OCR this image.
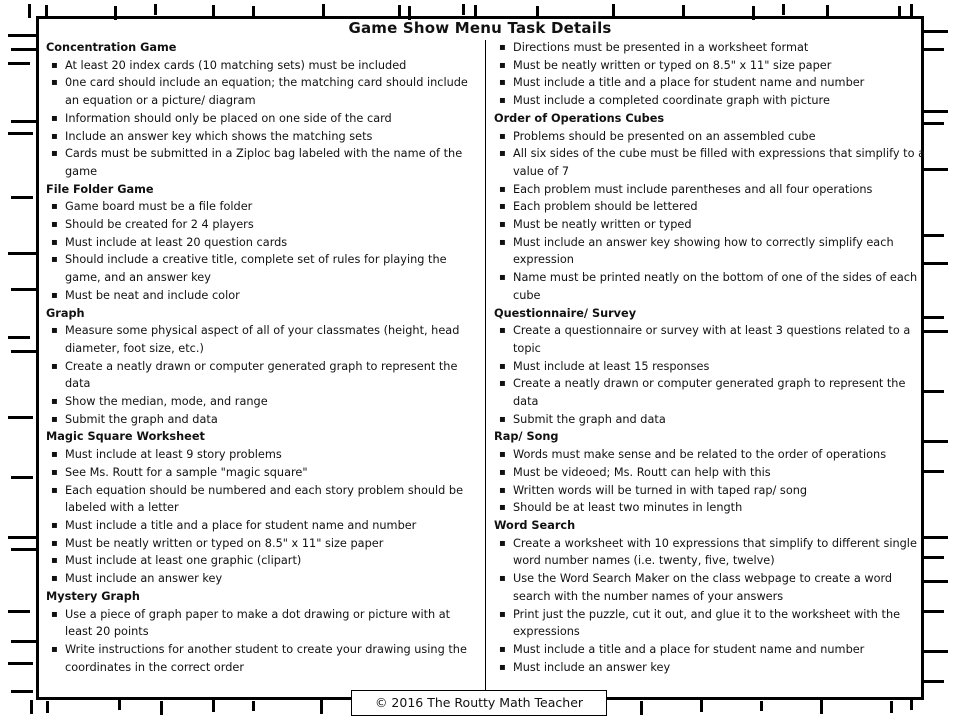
Game Show Menu Task Details
Concentration Game
▪ At least 20 index cards (10 matching sets) must be included
▪ 0ne card should include an equation; the matching card should include an equation or a picture/ diagram
▪ Information should only be placed on one side of the card
▪ Include an answer key which shows the matching sets
▪ Cards must be submitted in a Ziploc bag labeled with the name of the game
File Folder Game
▪ Game board must be a file folder
▪ Should be created for 2 4 players
▪ Must include at least 20 question cards
▪ Should include a creative title, complete set of rules for playing the game, and an answer key
▪ Must be neat and include color
Graph
▪ Measure some physical aspect of all of your classmates (height, head diameter, foot size, etc.)
▪ Create a neatly drawn or computer generated graph to represent the data
▪ Show the median, mode, and range
▪ Submit the graph and data
Magic Square Worksheet
▪ Must include at least 9 story problems
▪ See Ms. Routt for a sample "magic square"
▪ Each equation should be numbered and each story problem should be labeled with a letter
▪ Must include a title and a place for student name and number
▪ Must be neatly written or typed on 8.5" x 11" size paper
▪ Must include at least one graphic (clipart)
▪ Must include an answer key
Mystery Graph
▪ Use a piece of graph paper to make a dot drawing or picture with at least 20 points
▪ Write instructions for another student to create your drawing using the coordinates in the correct order
▪ Directions must be presented in a worksheet format
▪ Must be neatly written or typed on 8.5" x 11" size paper
▪ Must include a title and a place for student name and number
▪ Must include a completed coordinate graph with picture
Order of Operations Cubes
▪ Problems should be presented on an assembled cube
▪ All six sides of the cube must be filled with expressions that simplify to a value of 7
▪ Each problem must include parentheses and all four operations
▪ Each problem should be lettered
▪ Must be neatly written or typed
▪ Must include an answer key showing how to correctly simplify each expression
▪ Name must be printed neatly on the bottom of one of the sides of each cube
Questionnaire/ Survey
▪ Create a questionnaire or survey with at least 3 questions related to a topic
▪ Must include at least 15 responses
▪ Create a neatly drawn or computer generated graph to represent the data
▪ Submit the graph and data
Rap/ Song
▪ Words must make sense and be related to the order of operations
▪ Must be videoed; Ms. Routt can help with this
▪ Written words will be turned in with taped rap/ song
▪ Should be at least two minutes in length
Word Search
▪ Create a worksheet with 10 expressions that simplify to different single word number names (i.e. twenty, five, twelve)
▪ Use the Word Search Maker on the class webpage to create a word search with the number names of your answers
▪ Print just the puzzle, cut it out, and glue it to the worksheet with the expressions
▪ Must include a title and a place for student name and number
▪ Must include an answer key
© 2016 The Routty Math Teacher
